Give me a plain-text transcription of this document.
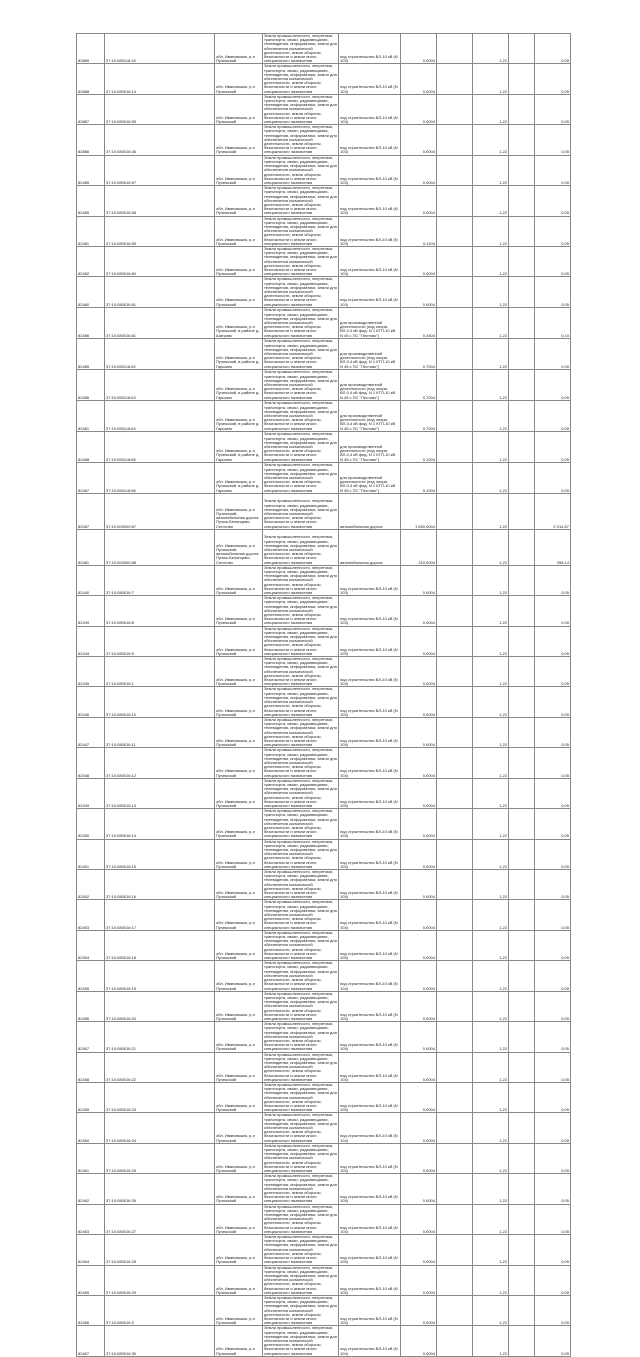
82889	37:10:080116:15	обл. Ивановская, р-н Пучежский	Земли промышленности, энергетики, транспорта, связи, радиовещания, телевидения, информатики, земли для обеспечения космической деятельности, земли обороны, безопасности и земли иного специального назначения	под строительство ВЛ-10 кВ (N 103)	0,0004		1,22		0,05
82888	37:10:080016:14	обл. Ивановская, р-н Пучежский	Земли промышленности, энергетики, транспорта, связи, радиовещания, телевидения, информатики, земли для обеспечения космической деятельности, земли обороны, безопасности и земли иного специального назначения	под строительство ВЛ-10 кВ (N 103)	0,0004		1,22		0,05
82887	37:10:080016:55	обл. Ивановская, р-н Пучежский	Земли промышленности, энергетики, транспорта, связи, радиовещания, телевидения, информатики, земли для обеспечения космической деятельности, земли обороны, безопасности и земли иного специального назначения	под строительство ВЛ-10 кВ (N 103)	0,0004		1,22		0,05
82886	37:10:080016:36	обл. Ивановская, р-н Пучежский	Земли промышленности, энергетики, транспорта, связи, радиовещания, телевидения, информатики, земли для обеспечения космической деятельности, земли обороны, безопасности и земли иного специального назначения	под строительство ВЛ-10 кВ (N 103)	0,0004		1,22		0,05
82485	37:10:080016:57	обл. Ивановская, р-н Пучежский	Земли промышленности, энергетики, транспорта, связи, радиовещания, телевидения, информатики, земли для обеспечения космической деятельности, земли обороны, безопасности и земли иного специального назначения	под строительство ВЛ-10 кВ (N 103)	0,0004		1,22		0,05
82485	37:10:080016:58	обл. Ивановская, р-н Пучежский	Земли промышленности, энергетики, транспорта, связи, радиовещания, телевидения, информатики, земли для обеспечения космической деятельности, земли обороны, безопасности и земли иного специального назначения	под строительство ВЛ-10 кВ (N 103)	0,0004		1,22		0,05
82481	37:10:080016:59	обл. Ивановская, р-н Пучежский	Земли промышленности, энергетики, транспорта, связи, радиовещания, телевидения, информатики, земли для обеспечения космической деятельности, земли обороны, безопасности и земли иного специального назначения	под строительство ВЛ-10 кВ (N 103)	0,1104		1,22		0,05
82482	37:10:080016:60	обл. Ивановская, р-н Пучежский	Земли промышленности, энергетики, транспорта, связи, радиовещания, телевидения, информатики, земли для обеспечения космической деятельности, земли обороны, безопасности и земли иного специального назначения	под строительство ВЛ-10 кВ (N 103)	0,0004		1,22		0,05
82480	37:10:080016:61	обл. Ивановская, р-н Пучежский	Земли промышленности, энергетики, транспорта, связи, радиовещания, телевидения, информатики, земли для обеспечения космической деятельности, земли обороны, безопасности и земли иного специального назначения	под строительство ВЛ-10 кВ (N 103)	0,0004		1,22		0,05
82486	37:10:080016:61	обл. Ивановская, р-н Пучежский, в районе д. Шатрово	Земли промышленности, энергетики, транспорта, связи, радиовещания, телевидения, информатики, земли для обеспечения космической деятельности, земли обороны, безопасности и земли иного специального назначения	для производственной деятельности (под опоры ВЛ-0,4 кВ фид. N 1 КТП-10 кВ N 45 с ПС "Пестово")	0,4404		1,22		0,10
82485	37:10:050116:62	обл. Ивановская, р-н Пучежский, в районе д. Гаршино	Земли промышленности, энергетики, транспорта, связи, радиовещания, телевидения, информатики, земли для обеспечения космической деятельности, земли обороны, безопасности и земли иного специального назначения	для производственной деятельности (под опоры ВЛ-0,4 кВ фид. N 1 КТП-10 кВ N 45 с ПС "Пестово")	0,7004		1,22		0,05
82486	37:10:050116:63	обл. Ивановская, р-н Пучежский, в районе д. Гаршино	Земли промышленности, энергетики, транспорта, связи, радиовещания, телевидения, информатики, земли для обеспечения космической деятельности, земли обороны, безопасности и земли иного специального назначения	для производственной деятельности (под опоры ВЛ-0,4 кВ фид. N 1 КТП-10 кВ N 45 с ПС "Пестово")	0,7004		1,22		0,05
82481	37:10:050116:64	обл. Ивановская, р-н Пучежский, в районе д. Гаршино	Земли промышленности, энергетики, транспорта, связи, радиовещания, телевидения, информатики, земли для обеспечения космической деятельности, земли обороны, безопасности и земли иного специального назначения	для производственной деятельности (под опоры ВЛ-0,4 кВ фид. N 1 КТП-10 кВ N 45 с ПС "Пестово")	0,7004		1,22		0,05
82488	37:10:050116:65	обл. Ивановская, р-н Пучежский, в районе д. Гаршино	Земли промышленности, энергетики, транспорта, связи, радиовещания, телевидения, информатики, земли для обеспечения космической деятельности, земли обороны, безопасности и земли иного специального назначения	для производственной деятельности (под опоры ВЛ-0,4 кВ фид. N 1 КТП-10 кВ N 45 с ПС "Пестово")	0,1004		1,22		0,05
82487	37:10:050116:66	обл. Ивановская, р-н Пучежский, в районе д. Гаршино	Земли промышленности, энергетики, транспорта, связи, радиовещания, телевидения, информатики, земли для обеспечения космической деятельности, земли обороны, безопасности и земли иного специального назначения	для производственной деятельности (под опоры ВЛ-0,4 кВ фид. N 1 КТП-10 кВ N 45 с ПС "Пестово")	0,1004		1,22		0,05
82487	37:10:000000:67	обл. Ивановская, р-н Пучежский, автомобильная дорога Пучеж-Белянцево-Сеготово	Земли промышленности, энергетики, транспорта, связи, радиовещания, телевидения, информатики, земли для обеспечения космической деятельности, земли обороны, безопасности и земли иного специального назначения	автомобильная дорога	1 650,0004		1,22		2 014,87
82481	37:10:000000:68	обл. Ивановская, р-н Пучежский, автомобильная дорога Пучеж-Белянцево-Сеготово	Земли промышленности, энергетики, транспорта, связи, радиовещания, телевидения, информатики, земли для обеспечения космической деятельности, земли обороны, безопасности и земли иного специального назначения	автомобильная дорога	210,0004		1,22		256,14
82440	37:10:080016:7	обл. Ивановская, р-н Пучежский	Земли промышленности, энергетики, транспорта, связи, радиовещания, телевидения, информатики, земли для обеспечения космической деятельности, земли обороны, безопасности и земли иного специального назначения	под строительство ВЛ-10 кВ (N 103)	0,0004		1,22		0,05
82449	37:10:080016:8	обл. Ивановская, р-н Пучежский	Земли промышленности, энергетики, транспорта, связи, радиовещания, телевидения, информатики, земли для обеспечения космической деятельности, земли обороны, безопасности и земли иного специального назначения	под строительство ВЛ-10 кВ (N 103)	0,0004		1,22		0,05
82444	37:10:080016:9	обл. Ивановская, р-н Пучежский	Земли промышленности, энергетики, транспорта, связи, радиовещания, телевидения, информатики, земли для обеспечения космической деятельности, земли обороны, безопасности и земли иного специального назначения	под строительство ВЛ-10 кВ (N 103)	0,0004		1,22		0,05
82445	37:10:080016:1	обл. Ивановская, р-н Пучежский	Земли промышленности, энергетики, транспорта, связи, радиовещания, телевидения, информатики, земли для обеспечения космической деятельности, земли обороны, безопасности и земли иного специального назначения	под строительство ВЛ-10 кВ (N 104)	0,0004		1,22		0,05
82446	37:10:080016:10	обл. Ивановская, р-н Пучежский	Земли промышленности, энергетики, транспорта, связи, радиовещания, телевидения, информатики, земли для обеспечения космической деятельности, земли обороны, безопасности и земли иного специального назначения	под строительство ВЛ-10 кВ (N 104)	0,0004		1,22		0,05
82447	37:10:080016:11	обл. Ивановская, р-н Пучежский	Земли промышленности, энергетики, транспорта, связи, радиовещания, телевидения, информатики, земли для обеспечения космической деятельности, земли обороны, безопасности и земли иного специального назначения	под строительство ВЛ-10 кВ (N 104)	0,0004		1,22		0,05
82448	37:10:080016:12	обл. Ивановская, р-н Пучежский	Земли промышленности, энергетики, транспорта, связи, радиовещания, телевидения, информатики, земли для обеспечения космической деятельности, земли обороны, безопасности и земли иного специального назначения	под строительство ВЛ-10 кВ (N 104)	0,0004		1,22		0,05
82449	37:10:080016:13	обл. Ивановская, р-н Пучежский	Земли промышленности, энергетики, транспорта, связи, радиовещания, телевидения, информатики, земли для обеспечения космической деятельности, земли обороны, безопасности и земли иного специального назначения	под строительство ВЛ-10 кВ (N 104)	0,0004		1,22		0,05
82450	37:10:080016:14	обл. Ивановская, р-н Пучежский	Земли промышленности, энергетики, транспорта, связи, радиовещания, телевидения, информатики, земли для обеспечения космической деятельности, земли обороны, безопасности и земли иного специального назначения	под строительство ВЛ-10 кВ (N 104)	0,0004		1,22		0,05
82451	37:10:080016:15	обл. Ивановская, р-н Пучежский	Земли промышленности, энергетики, транспорта, связи, радиовещания, телевидения, информатики, земли для обеспечения космической деятельности, земли обороны, безопасности и земли иного специального назначения	под строительство ВЛ-10 кВ (N 104)	0,0004		1,22		0,05
82452	37:10:080016:16	обл. Ивановская, р-н Пучежский	Земли промышленности, энергетики, транспорта, связи, радиовещания, телевидения, информатики, земли для обеспечения космической деятельности, земли обороны, безопасности и земли иного специального назначения	под строительство ВЛ-10 кВ (N 104)	0,0004		1,22		0,05
82453	37:10:080016:17	обл. Ивановская, р-н Пучежский	Земли промышленности, энергетики, транспорта, связи, радиовещания, телевидения, информатики, земли для обеспечения космической деятельности, земли обороны, безопасности и земли иного специального назначения	под строительство ВЛ-10 кВ (N 104)	0,0004		1,22		0,05
82454	37:10:080016:18	обл. Ивановская, р-н Пучежский	Земли промышленности, энергетики, транспорта, связи, радиовещания, телевидения, информатики, земли для обеспечения космической деятельности, земли обороны, безопасности и земли иного специального назначения	под строительство ВЛ-10 кВ (N 104)	0,0004		1,22		0,05
82455	37:10:080016:19	обл. Ивановская, р-н Пучежский	Земли промышленности, энергетики, транспорта, связи, радиовещания, телевидения, информатики, земли для обеспечения космической деятельности, земли обороны, безопасности и земли иного специального назначения	под строительство ВЛ-10 кВ (N 104)	0,0004		1,22		0,05
82456	37:10:080016:20	обл. Ивановская, р-н Пучежский	Земли промышленности, энергетики, транспорта, связи, радиовещания, телевидения, информатики, земли для обеспечения космической деятельности, земли обороны, безопасности и земли иного специального назначения	под строительство ВЛ-10 кВ (N 104)	0,0004		1,22		0,05
82457	37:10:080016:21	обл. Ивановская, р-н Пучежский	Земли промышленности, энергетики, транспорта, связи, радиовещания, телевидения, информатики, земли для обеспечения космической деятельности, земли обороны, безопасности и земли иного специального назначения	под строительство ВЛ-10 кВ (N 104)	0,0004		1,22		0,05
82458	37:10:080016:22	обл. Ивановская, р-н Пучежский	Земли промышленности, энергетики, транспорта, связи, радиовещания, телевидения, информатики, земли для обеспечения космической деятельности, земли обороны, безопасности и земли иного специального назначения	под строительство ВЛ-10 кВ (N 104)	0,0004		1,22		0,05
82459	37:10:080016:23	обл. Ивановская, р-н Пучежский	Земли промышленности, энергетики, транспорта, связи, радиовещания, телевидения, информатики, земли для обеспечения космической деятельности, земли обороны, безопасности и земли иного специального назначения	под строительство ВЛ-10 кВ (N 104)	0,0004		1,22		0,05
82460	37:10:080016:24	обл. Ивановская, р-н Пучежский	Земли промышленности, энергетики, транспорта, связи, радиовещания, телевидения, информатики, земли для обеспечения космической деятельности, земли обороны, безопасности и земли иного специального назначения	под строительство ВЛ-10 кВ (N 104)	0,0004		1,22		0,05
82461	37:10:080016:25	обл. Ивановская, р-н Пучежский	Земли промышленности, энергетики, транспорта, связи, радиовещания, телевидения, информатики, земли для обеспечения космической деятельности, земли обороны, безопасности и земли иного специального назначения	под строительство ВЛ-10 кВ (N 104)	0,0004		1,22		0,05
82462	37:10:080016:26	обл. Ивановская, р-н Пучежский	Земли промышленности, энергетики, транспорта, связи, радиовещания, телевидения, информатики, земли для обеспечения космической деятельности, земли обороны, безопасности и земли иного специального назначения	под строительство ВЛ-10 кВ (N 104)	0,0004		1,22		0,05
82463	37:10:080016:27	обл. Ивановская, р-н Пучежский	Земли промышленности, энергетики, транспорта, связи, радиовещания, телевидения, информатики, земли для обеспечения космической деятельности, земли обороны, безопасности и земли иного специального назначения	под строительство ВЛ-10 кВ (N 104)	0,0004		1,22		0,05
82464	37:10:080016:28	обл. Ивановская, р-н Пучежский	Земли промышленности, энергетики, транспорта, связи, радиовещания, телевидения, информатики, земли для обеспечения космической деятельности, земли обороны, безопасности и земли иного специального назначения	под строительство ВЛ-10 кВ (N 104)	0,0004		1,22		0,05
82465	37:10:080016:29	обл. Ивановская, р-н Пучежский	Земли промышленности, энергетики, транспорта, связи, радиовещания, телевидения, информатики, земли для обеспечения космической деятельности, земли обороны, безопасности и земли иного специального назначения	под строительство ВЛ-10 кВ (N 104)	0,0004		1,22		0,05
82466	37:10:080016:3	обл. Ивановская, р-н Пучежский	Земли промышленности, энергетики, транспорта, связи, радиовещания, телевидения, информатики, земли для обеспечения космической деятельности, земли обороны, безопасности и земли иного специального назначения	под строительство ВЛ-10 кВ (N 104)	0,0004		1,22		0,05
82467	37:10:080016:30	обл. Ивановская, р-н Пучежский	Земли промышленности, энергетики, транспорта, связи, радиовещания, телевидения, информатики, земли для обеспечения космической деятельности, земли обороны, безопасности и земли иного специального назначения	под строительство ВЛ-10 кВ (N 104)	0,0004		1,22		0,05
